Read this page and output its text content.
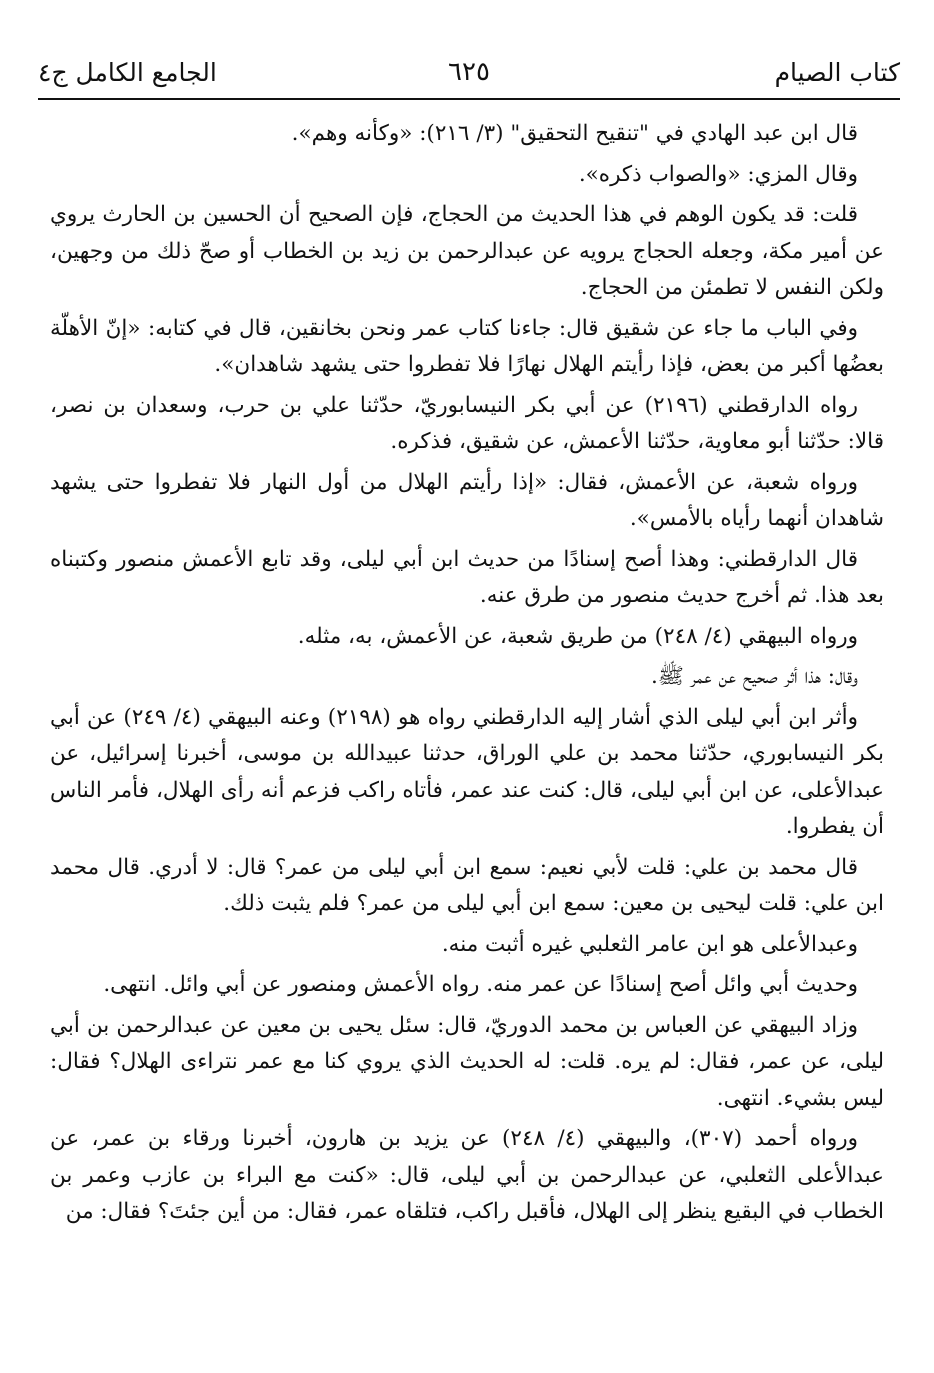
كتاب الصيام
٦٢٥
الجامع الكامل ج٤

قال ابن عبد الهادي في "تنقيح التحقيق" (٣/ ٢١٦): «وكأنه وهم».

وقال المزي: «والصواب ذكره».

قلت: قد يكون الوهم في هذا الحديث من الحجاج، فإن الصحيح أن الحسين بن الحارث يروي عن أمير مكة، وجعله الحجاج يرويه عن عبدالرحمن بن زيد بن الخطاب أو صحّ ذلك من وجهين، ولكن النفس لا تطمئن من الحجاج.

وفي الباب ما جاء عن شقيق قال: جاءنا كتاب عمر ونحن بخانقين، قال في كتابه: «إنّ الأهلّة بعضُها أكبر من بعض، فإذا رأيتم الهلال نهارًا فلا تفطروا حتى يشهد شاهدان».

رواه الدارقطني (٢١٩٦) عن أبي بكر النيسابوريّ، حدّثنا علي بن حرب، وسعدان بن نصر، قالا: حدّثنا أبو معاوية، حدّثنا الأعمش، عن شقيق، فذكره.

ورواه شعبة، عن الأعمش، فقال: «إذا رأيتم الهلال من أول النهار فلا تفطروا حتى يشهد شاهدان أنهما رأياه بالأمس».

قال الدارقطني: وهذا أصح إسنادًا من حديث ابن أبي ليلى، وقد تابع الأعمش منصور وكتبناه بعد هذا. ثم أخرج حديث منصور من طرق عنه.

ورواه البيهقي (٤/ ٢٤٨) من طريق شعبة، عن الأعمش، به، مثله.

وقال: هذا أثر صحيح عن عمر ﷺ.

وأثر ابن أبي ليلى الذي أشار إليه الدارقطني رواه هو (٢١٩٨) وعنه البيهقي (٤/ ٢٤٩) عن أبي بكر النيسابوري، حدّثنا محمد بن علي الوراق، حدثنا عبيدالله بن موسى، أخبرنا إسرائيل، عن عبدالأعلى، عن ابن أبي ليلى، قال: كنت عند عمر، فأتاه راكب فزعم أنه رأى الهلال، فأمر الناس أن يفطروا.

قال محمد بن علي: قلت لأبي نعيم: سمع ابن أبي ليلى من عمر؟ قال: لا أدري. قال محمد ابن علي: قلت ليحيى بن معين: سمع ابن أبي ليلى من عمر؟ فلم يثبت ذلك.

وعبدالأعلى هو ابن عامر الثعلبي غيره أثبت منه.

وحديث أبي وائل أصح إسنادًا عن عمر منه. رواه الأعمش ومنصور عن أبي وائل. انتهى.

وزاد البيهقي عن العباس بن محمد الدوريّ، قال: سئل يحيى بن معين عن عبدالرحمن بن أبي ليلى، عن عمر، فقال: لم يره. قلت: له الحديث الذي يروي كنا مع عمر نتراءى الهلال؟ فقال: ليس بشيء. انتهى.

ورواه أحمد (٣٠٧)، والبيهقي (٤/ ٢٤٨) عن يزيد بن هارون، أخبرنا ورقاء بن عمر، عن عبدالأعلى الثعلبي، عن عبدالرحمن بن أبي ليلى، قال: «كنت مع البراء بن عازب وعمر بن الخطاب في البقيع ينظر إلى الهلال، فأقبل راكب، فتلقاه عمر، فقال: من أين جئتَ؟ فقال: من
